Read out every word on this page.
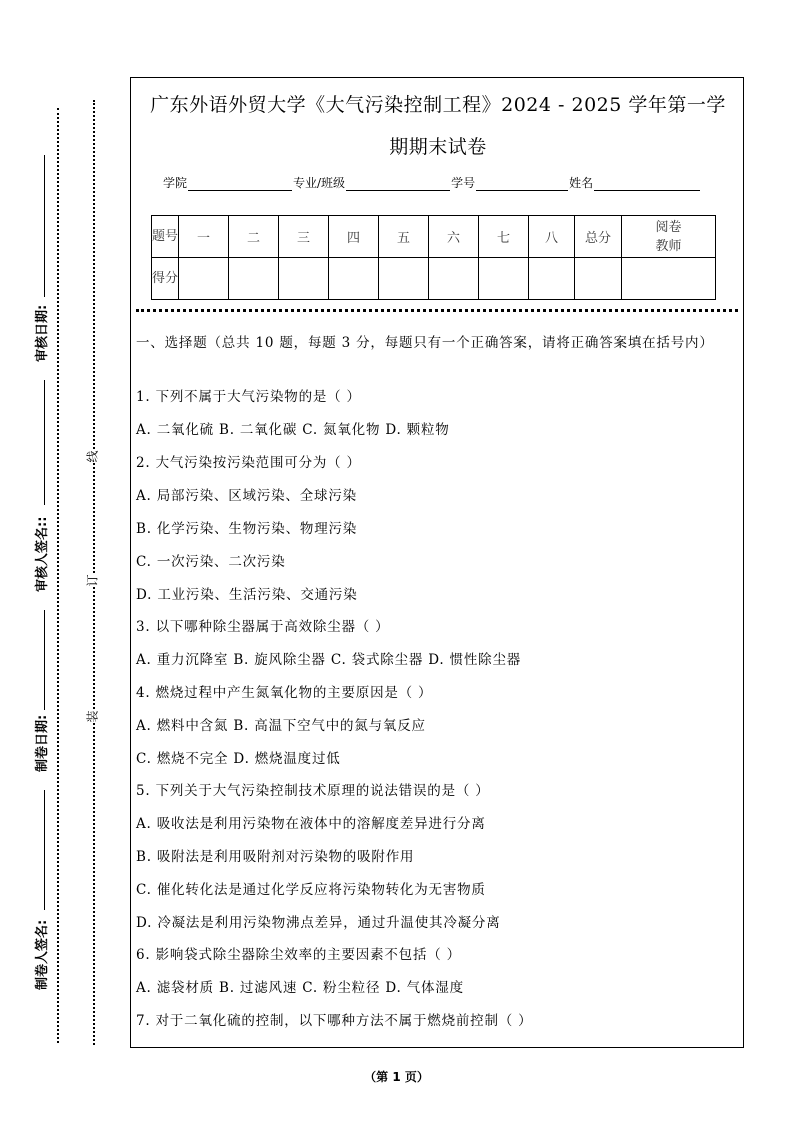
审核日期:
审核人签名::
制卷日期:
制卷人签名:
线
订
装
广东外语外贸大学《大气污染控制工程》2024 - 2025 学年第一学
期期末试卷
学院	专业/班级	学号	姓名
题号	一	二	三	四	五	六	七	八	总分	阅卷教师
得分										
一、选择题（总共 10 题，每题 3 分，每题只有一个正确答案，请将正确答案填在括号内）
1. 下列不属于大气污染物的是（ ）
A. 二氧化硫 B. 二氧化碳 C. 氮氧化物 D. 颗粒物
2. 大气污染按污染范围可分为（ ）
A. 局部污染、区域污染、全球污染
B. 化学污染、生物污染、物理污染
C. 一次污染、二次污染
D. 工业污染、生活污染、交通污染
3. 以下哪种除尘器属于高效除尘器（ ）
A. 重力沉降室 B. 旋风除尘器 C. 袋式除尘器 D. 惯性除尘器
4. 燃烧过程中产生氮氧化物的主要原因是（ ）
A. 燃料中含氮 B. 高温下空气中的氮与氧反应
C. 燃烧不完全 D. 燃烧温度过低
5. 下列关于大气污染控制技术原理的说法错误的是（ ）
A. 吸收法是利用污染物在液体中的溶解度差异进行分离
B. 吸附法是利用吸附剂对污染物的吸附作用
C. 催化转化法是通过化学反应将污染物转化为无害物质
D. 冷凝法是利用污染物沸点差异，通过升温使其冷凝分离
6. 影响袋式除尘器除尘效率的主要因素不包括（ ）
A. 滤袋材质 B. 过滤风速 C. 粉尘粒径 D. 气体湿度
7. 对于二氧化硫的控制，以下哪种方法不属于燃烧前控制（ ）
（第 1 页）
